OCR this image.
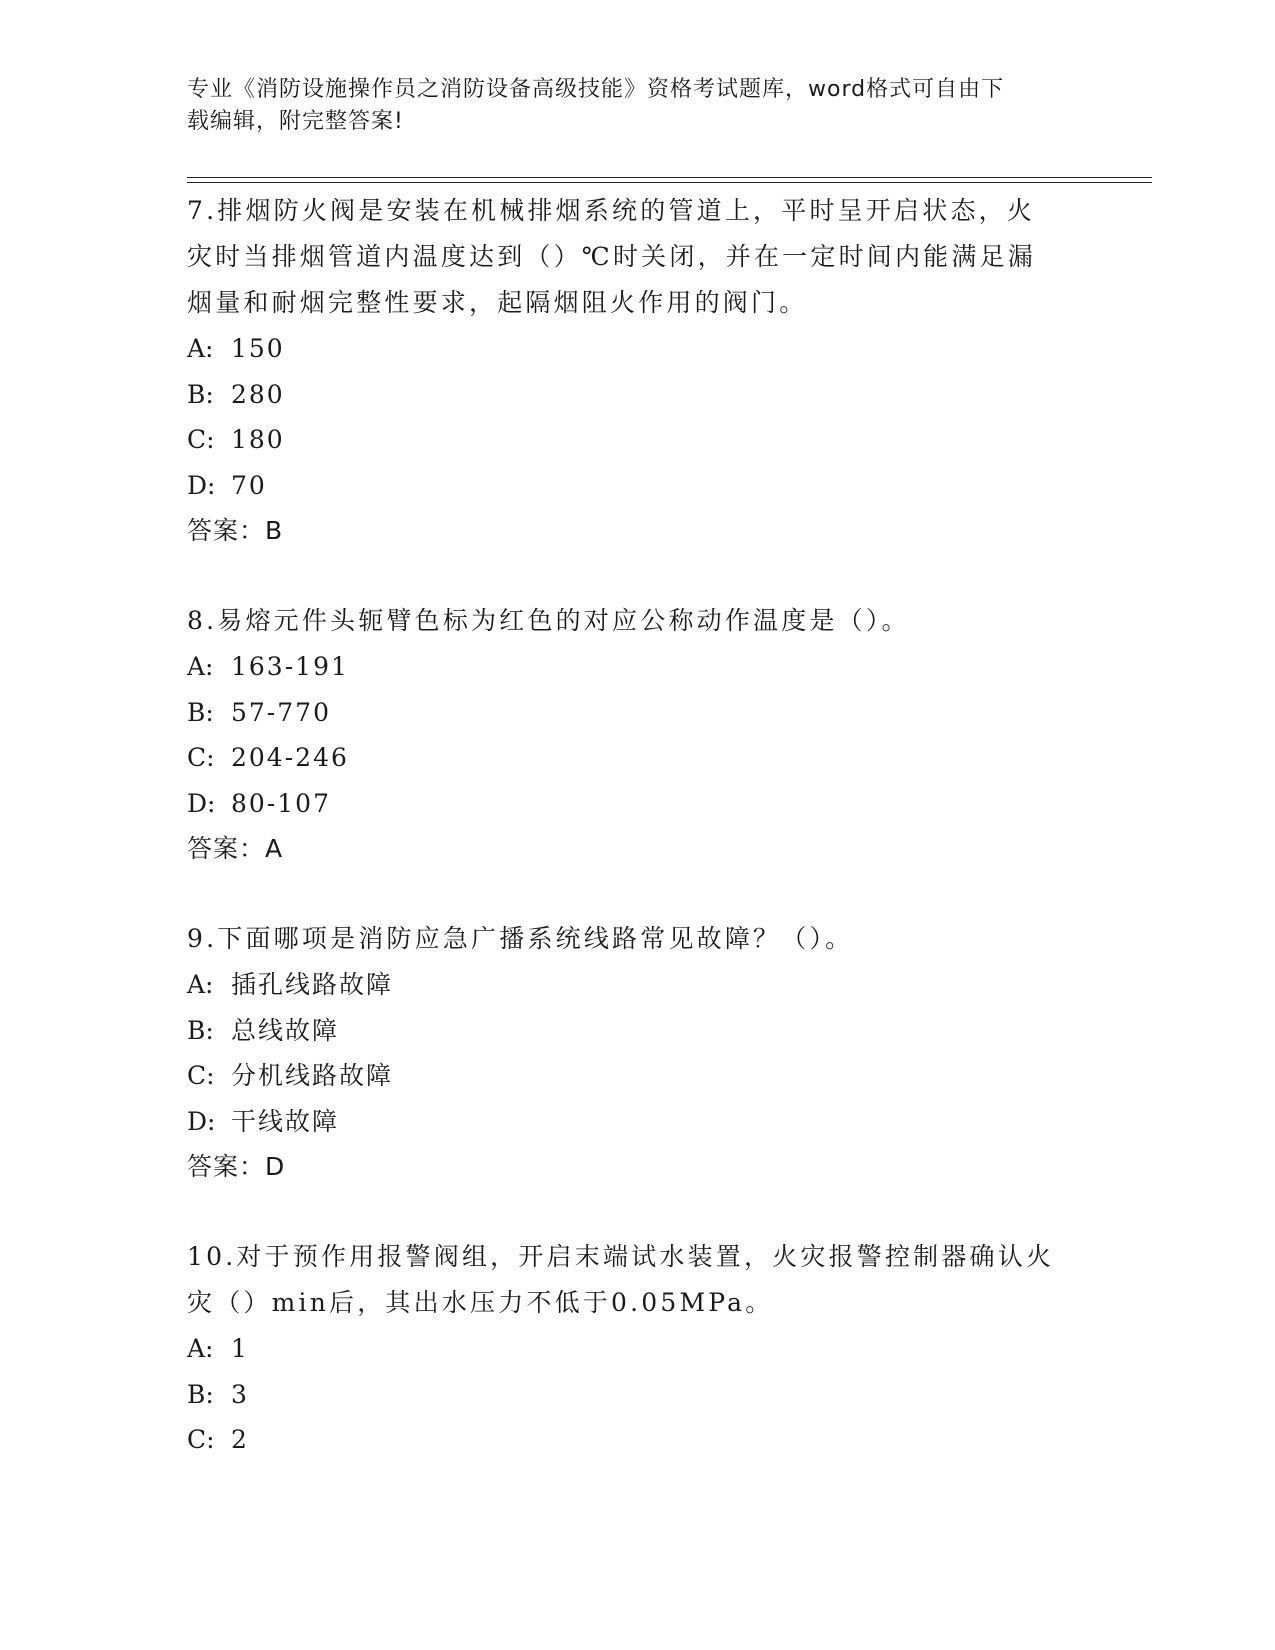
专业《消防设施操作员之消防设备高级技能》资格考试题库，word格式可自由下
载编辑，附完整答案!

7.排烟防火阀是安装在机械排烟系统的管道上，平时呈开启状态，火

灾时当排烟管道内温度达到（）℃时关闭，并在一定时间内能满足漏

烟量和耐烟完整性要求，起隔烟阻火作用的阀门。

A: 150

B: 280

C: 180

D: 70

答案：B

8.易熔元件头轭臂色标为红色的对应公称动作温度是（）。

A: 163-191

B: 57-770

C: 204-246

D: 80-107

答案：A

9.下面哪项是消防应急广播系统线路常见故障？（）。

A: 插孔线路故障

B: 总线故障

C: 分机线路故障

D: 干线故障

答案：D

10.对于预作用报警阀组，开启末端试水装置，火灾报警控制器确认火

灾（）min后，其出水压力不低于0.05MPa。

A: 1

B: 3

C: 2
